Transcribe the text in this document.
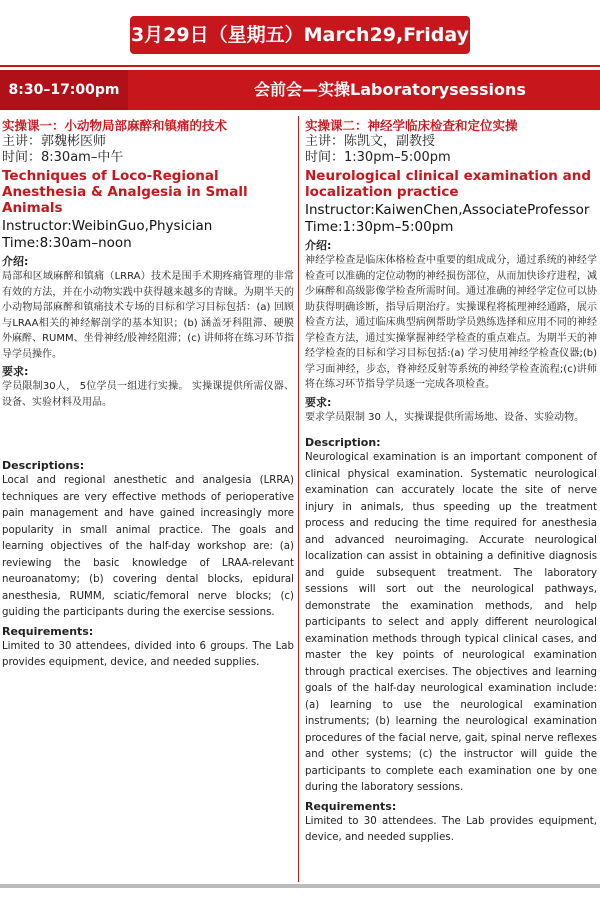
3月29日（星期五）March29,Friday
8:30–17:00pm	会前会—实操Laboratorysessions
实操课一：小动物局部麻醉和镇痛的技术
主讲：郭魏彬医师
时间：8:30am–中午
Techniques of Loco-Regional Anesthesia & Analgesia in Small Animals
Instructor:WeibinGuo,Physician
Time:8:30am–noon
介绍:
局部和区域麻醉和镇痛（LRRA）技术是围手术期疼痛管理的非常有效的方法，并在小动物实践中获得越来越多的青睐。为期半天的小动物局部麻醉和镇痛技术专场的目标和学习目标包括：(a) 回顾与LRAA相关的神经解剖学的基本知识；(b) 涵盖牙科阻滞、硬膜外麻醉、RUMM、坐骨神经/股神经阻滞；(c) 讲师将在练习环节指导学员操作。
要求:
学员限制30人， 5位学员一组进行实操。 实操课提供所需仪器、设备、实验材料及用品。
Descriptions:
Local and regional anesthetic and analgesia (LRRA) techniques are very effective methods of perioperative pain management and have gained increasingly more popularity in small animal practice. The goals and learning objectives of the half-day workshop are: (a) reviewing the basic knowledge of LRAA-relevant neuroanatomy; (b) covering dental blocks, epidural anesthesia, RUMM, sciatic/femoral nerve blocks; (c) guiding the participants during the exercise sessions.
Requirements:
Limited to 30 attendees, divided into 6 groups. The Lab provides equipment, device, and needed supplies.
实操课二：神经学临床检查和定位实操
主讲：陈凯文，副教授
时间：1:30pm–5:00pm
Neurological clinical examination and localization practice
Instructor:KaiwenChen,AssociateProfessor
Time:1:30pm–5:00pm
介绍:
神经学检查是临床体格检查中重要的组成成分，通过系统的神经学检查可以准确的定位动物的神经损伤部位，从而加快诊疗进程，减少麻醉和高级影像学检查所需时间。通过准确的神经学定位可以协助获得明确诊断，指导后期治疗。实操课程将梳理神经通路，展示检查方法，通过临床典型病例帮助学员熟练选择和应用不同的神经学检查方法，通过实操掌握神经学检查的重点难点。为期半天的神经学检查的目标和学习目标包括:(a) 学习使用神经学检查仪器;(b) 学习面神经，步态，脊神经反射等系统的神经学检查流程;(c)讲师将在练习环节指导学员逐一完成各项检查。
要求:
要求学员限制 30 人，实操课提供所需场地、设备、实验动物。
Description:
Neurological examination is an important component of clinical physical examination. Systematic neurological examination can accurately locate the site of nerve injury in animals, thus speeding up the treatment process and reducing the time required for anesthesia and advanced neuroimaging. Accurate neurological localization can assist in obtaining a definitive diagnosis and guide subsequent treatment. The laboratory sessions will sort out the neurological pathways, demonstrate the examination methods, and help participants to select and apply different neurological examination methods through typical clinical cases, and master the key points of neurological examination through practical exercises. The objectives and learning goals of the half-day neurological examination include: (a) learning to use the neurological examination instruments; (b) learning the neurological examination procedures of the facial nerve, gait, spinal nerve reflexes and other systems; (c) the instructor will guide the participants to complete each examination one by one during the laboratory sessions.
Requirements:
Limited to 30 attendees. The Lab provides equipment, device, and needed supplies.
